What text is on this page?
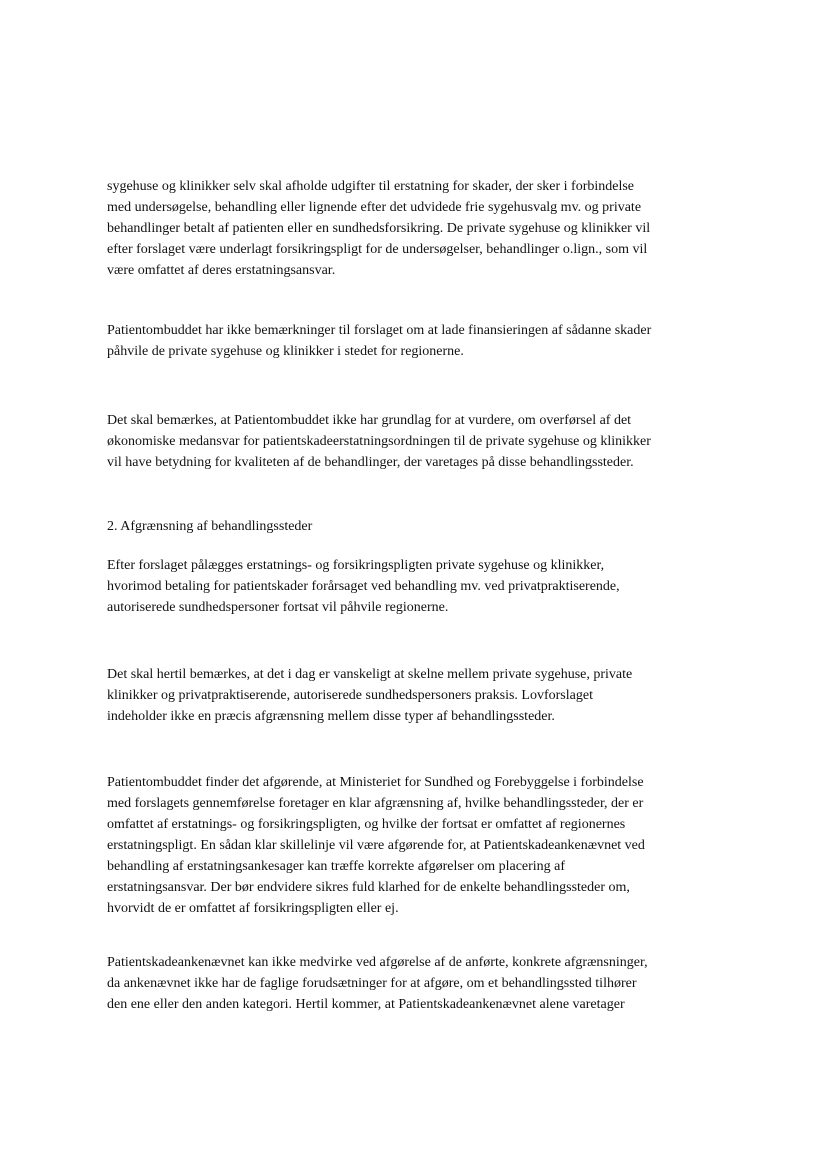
sygehuse og klinikker selv skal afholde udgifter til erstatning for skader, der sker i forbindelse
med undersøgelse, behandling eller lignende efter det udvidede frie sygehusvalg mv. og private
behandlinger betalt af patienten eller en sundhedsforsikring. De private sygehuse og klinikker vil
efter forslaget være underlagt forsikringspligt for de undersøgelser, behandlinger o.lign., som vil
være omfattet af deres erstatningsansvar.

Patientombuddet har ikke bemærkninger til forslaget om at lade finansieringen af sådanne skader
påhvile de private sygehuse og klinikker i stedet for regionerne.

Det skal bemærkes, at Patientombuddet ikke har grundlag for at vurdere, om overførsel af det
økonomiske medansvar for patientskadeerstatningsordningen til de private sygehuse og klinikker
vil have betydning for kvaliteten af de behandlinger, der varetages på disse behandlingssteder.

2. Afgrænsning af behandlingssteder

Efter forslaget pålægges erstatnings- og forsikringspligten private sygehuse og klinikker,
hvorimod betaling for patientskader forårsaget ved behandling mv. ved privatpraktiserende,
autoriserede sundhedspersoner fortsat vil påhvile regionerne.

Det skal hertil bemærkes, at det i dag er vanskeligt at skelne mellem private sygehuse, private
klinikker og privatpraktiserende, autoriserede sundhedspersoners praksis. Lovforslaget
indeholder ikke en præcis afgrænsning mellem disse typer af behandlingssteder.

Patientombuddet finder det afgørende, at Ministeriet for Sundhed og Forebyggelse i forbindelse
med forslagets gennemførelse foretager en klar afgrænsning af, hvilke behandlingssteder, der er
omfattet af erstatnings- og forsikringspligten, og hvilke der fortsat er omfattet af regionernes
erstatningspligt. En sådan klar skillelinje vil være afgørende for, at Patientskadeankenævnet ved
behandling af erstatningsankesager kan træffe korrekte afgørelser om placering af
erstatningsansvar. Der bør endvidere sikres fuld klarhed for de enkelte behandlingssteder om,
hvorvidt de er omfattet af forsikringspligten eller ej.

Patientskadeankenævnet kan ikke medvirke ved afgørelse af de anførte, konkrete afgrænsninger,
da ankenævnet ikke har de faglige forudsætninger for at afgøre, om et behandlingssted tilhører
den ene eller den anden kategori. Hertil kommer, at Patientskadeankenævnet alene varetager
